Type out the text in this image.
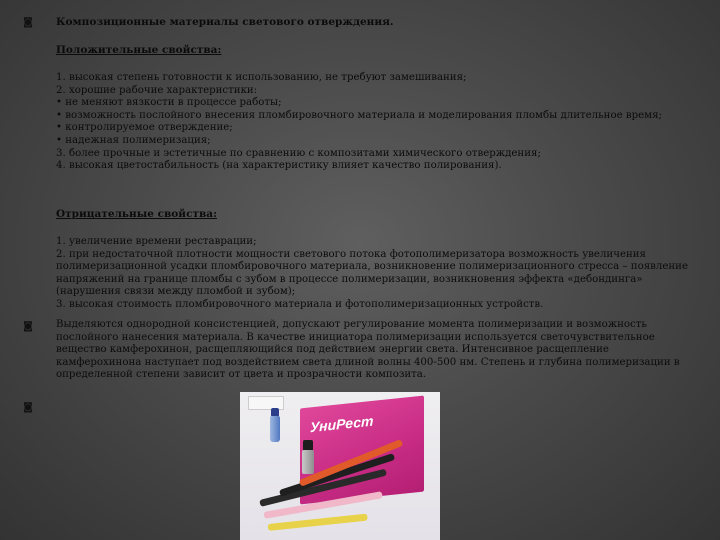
◙ Композиционные материалы светового отверждения.
Положительные свойства:
1. высокая степень готовности к использованию, не требуют замешивания;
2. хорошие рабочие характеристики:
• не меняют вязкости в процессе работы;
• возможность послойного внесения пломбировочного материала и моделирования пломбы длительное время;
• контролируемое отверждение;
• надежная полимеризация;
3. более прочные и эстетичные по сравнению с композитами химического отверждения;
4. высокая цветостабильность (на характеристику влияет качество полирования).
Отрицательные свойства:
1. увеличение времени реставрации;
2. при недостаточной плотности мощности светового потока фотополимеризатора возможность увеличения полимеризационной усадки пломбировочного материала, возникновение полимеризационного стресса – появление напряжений на границе пломбы с зубом в процессе полимеризации, возникновения эффекта «дебондинга» (нарушения связи между пломбой и зубом);
3. высокая стоимость пломбировочного материала и фотополимеризационных устройств.
◙ Выделяются однородной консистенцией, допускают регулирование момента полимеризации и возможность послойного нанесения материала. В качестве инициатора полимеризации используется светочувствительное вещество камферохинон, расщепляющийся под действием энергии света. Интенсивное расщепление камферохинона наступает под воздействием света длиной волны 400-500 нм. Степень и глубина полимеризации в определенной степени зависит от цвета и прозрачности композита.
◙
УниРест
